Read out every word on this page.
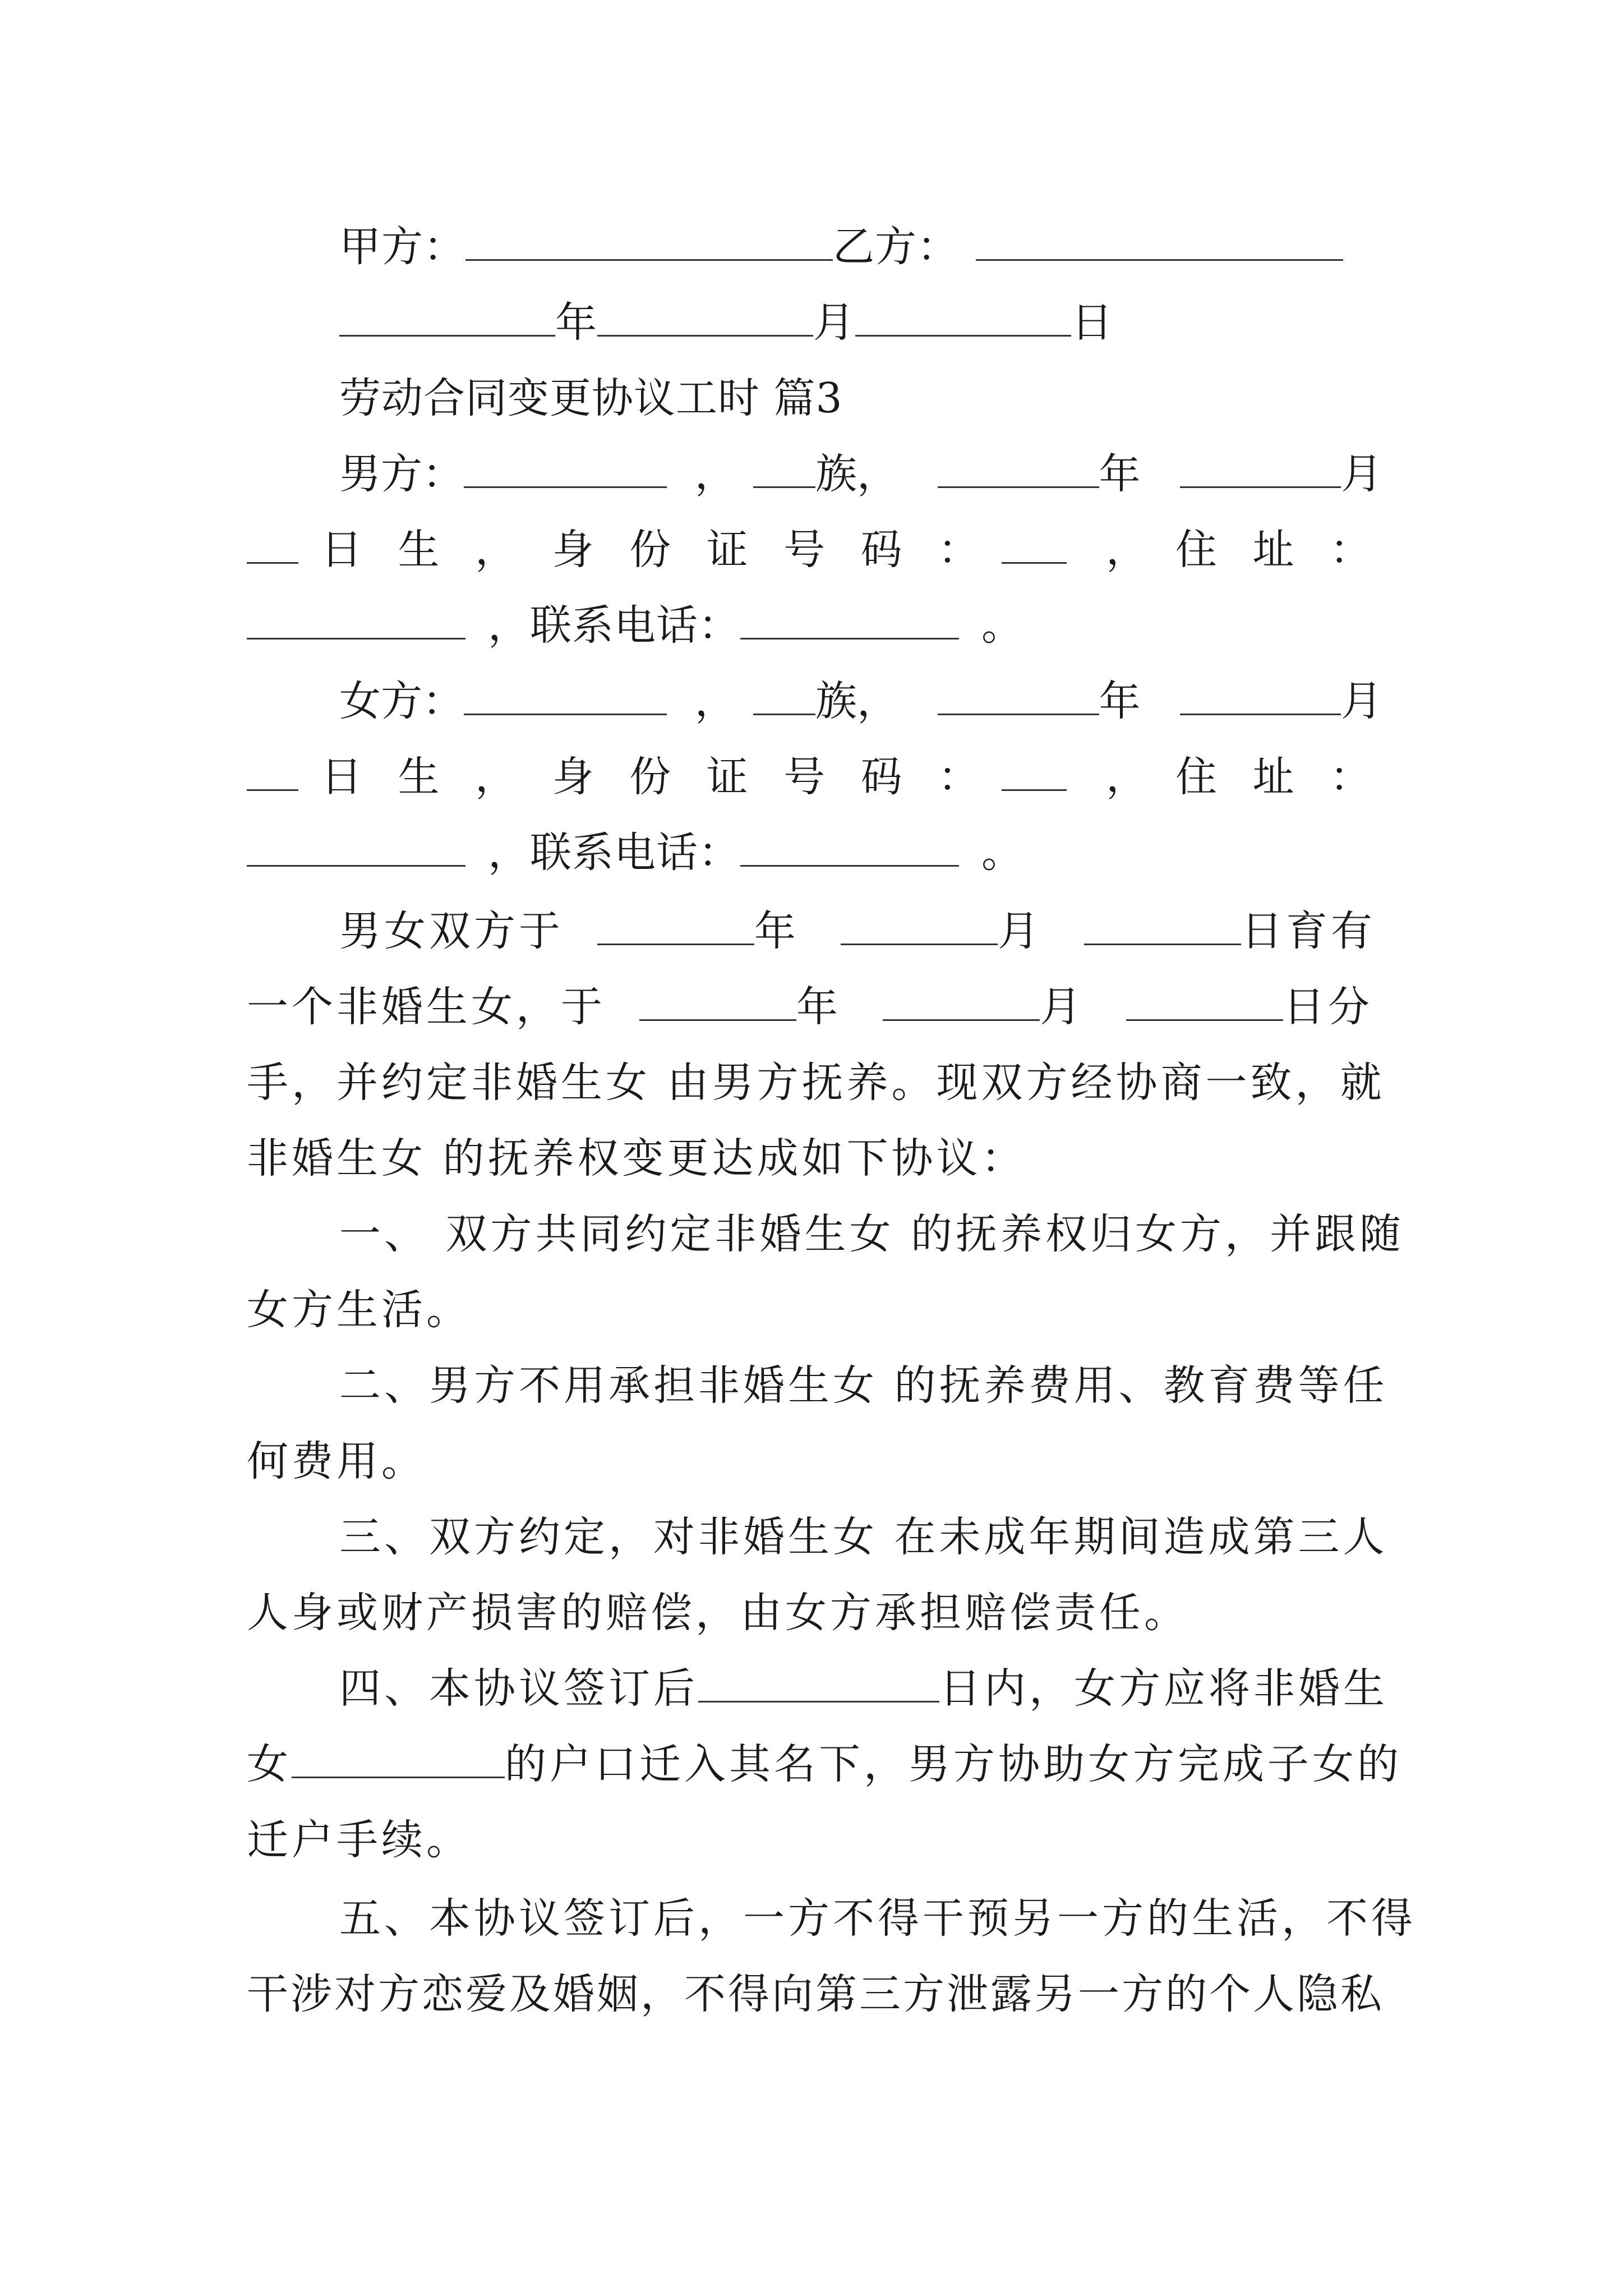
甲方：	乙方：
年	月	日
劳动合同变更协议工时 篇3
男方：	， 族，	年	月
日 生 ， 身 份 证 号 码 ：	， 住 址 ：
，联系电话：	。
女方：	， 族，	年	月
日 生 ， 身 份 证 号 码 ：	， 住 址 ：
，联系电话：	。
男女双方于	年	月	日育有
一个非婚生女，于	年	月	日分
手，并约定非婚生女 由男方抚养。现双方经协商一致，就
非婚生女 的抚养权变更达成如下协议：
一、 双方共同约定非婚生女 的抚养权归女方，并跟随
女方生活。
二、男方不用承担非婚生女 的抚养费用、教育费等任
何费用。
三、双方约定，对非婚生女 在未成年期间造成第三人
人身或财产损害的赔偿，由女方承担赔偿责任。
四、本协议签订后	日内，女方应将非婚生
女	的户口迁入其名下，男方协助女方完成子女的
迁户手续。
五、本协议签订后，一方不得干预另一方的生活，不得
干涉对方恋爱及婚姻，不得向第三方泄露另一方的个人隐私
